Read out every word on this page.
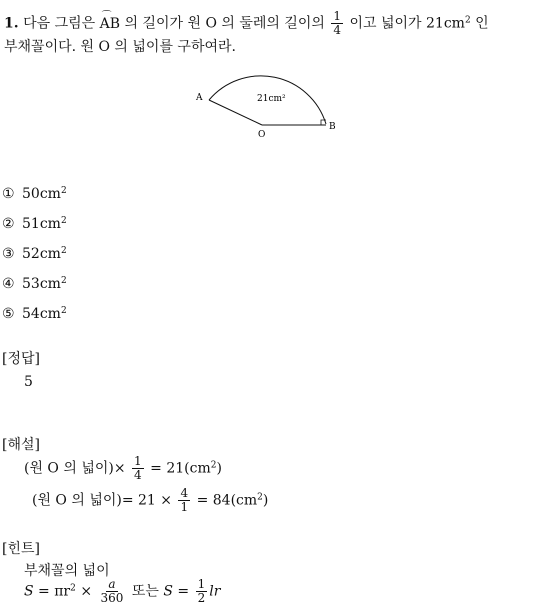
1. 다음 그림은 ⌒ AB 의 길이가 원 O 의 둘레의 길이의 $\frac{1}{4}$ 이고 넓이가 $21cm^2$ 인
부채꼴이다. 원 O 의 넓이를 구하여라.
A
B
O
21cm²
① $50cm^2$
② $51cm^2$
③ $52cm^2$
④ $53cm^2$
⑤ $54cm^2$
[정답]
5
[해설]
(원 O 의 넓이)× $\frac{1}{4} = 21(cm^2)$
(원 O 의 넓이)= $21 \times \frac{4}{1} = 84(cm^2)$
[힌트]
부채꼴의 넓이
$S = \pi r^2 \times \frac{a}{360}$ 또는 $S = \frac{1}{2}$ lr
